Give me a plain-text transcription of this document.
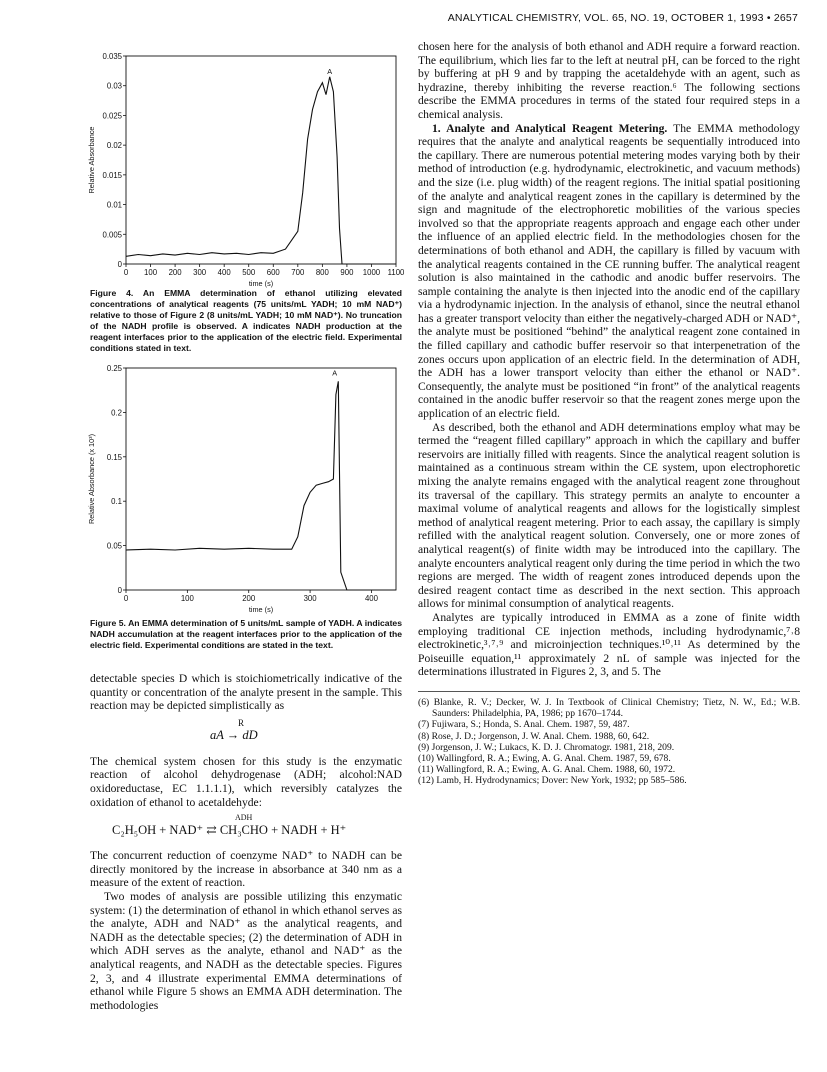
ANALYTICAL CHEMISTRY, VOL. 65, NO. 19, OCTOBER 1, 1993 • 2657
0 100 200 300 400 500 600 700 800 900 1000 1100
0
0.005
0.01
0.015
0.02
0.025
0.03
0.035
time (s)
Relative Absorbance
A
Figure 4. An EMMA determination of ethanol utilizing elevated concentrations of analytical reagents (75 units/mL YADH; 10 mM NAD⁺) relative to those of Figure 2 (8 units/mL YADH; 10 mM NAD⁺). No truncation of the NADH profile is observed. A indicates NADH production at the reagent interfaces prior to the application of the electric field. Experimental conditions stated in text.
0	100	200	300	400
0
0.05
0.1
0.15
0.2
0.25
time (s)
Relative Absorbance (x 10³)
A
Figure 5. An EMMA determination of 5 units/mL sample of YADH. A indicates NADH accumulation at the reagent interfaces prior to the application of the electric field. Experimental conditions are stated in the text.

detectable species D which is stoichiometrically indicative of the quantity or concentration of the analyte present in the sample. This reaction may be depicted simplistically as

R
aA → dD

The chemical system chosen for this study is the enzymatic reaction of alcohol dehydrogenase (ADH; alcohol:NAD oxidoreductase, EC 1.1.1.1), which reversibly catalyzes the oxidation of ethanol to acetaldehyde:

ADH
C₂H₅OH + NAD⁺ ⇄ CH₃CHO + NADH + H⁺

The concurrent reduction of coenzyme NAD⁺ to NADH can be directly monitored by the increase in absorbance at 340 nm as a measure of the extent of reaction.

Two modes of analysis are possible utilizing this enzymatic system: (1) the determination of ethanol in which ethanol serves as the analyte, ADH and NAD⁺ as the analytical reagents, and NADH as the detectable species; (2) the determination of ADH in which ADH serves as the analyte, ethanol and NAD⁺ as the analytical reagents, and NADH as the detectable species. Figures 2, 3, and 4 illustrate experimental EMMA determinations of ethanol while Figure 5 shows an EMMA ADH determination. The methodologies

chosen here for the analysis of both ethanol and ADH require a forward reaction. The equilibrium, which lies far to the left at neutral pH, can be forced to the right by buffering at pH 9 and by trapping the acetaldehyde with an agent, such as hydrazine, thereby inhibiting the reverse reaction.⁶ The following sections describe the EMMA procedures in terms of the stated four required steps in a chemical analysis.

1. Analyte and Analytical Reagent Metering. The EMMA methodology requires that the analyte and analytical reagents be sequentially introduced into the capillary. There are numerous potential metering modes varying both by their method of introduction (e.g. hydrodynamic, electrokinetic, and vacuum methods) and the size (i.e. plug width) of the reagent regions. The initial spatial positioning of the analyte and analytical reagent zones in the capillary is determined by the sign and magnitude of the electrophoretic mobilities of the various species involved so that the appropriate reagents approach and engage each other under the influence of an applied electric field. In the methodologies chosen for the determinations of both ethanol and ADH, the capillary is filled by vacuum with the analytical reagents contained in the CE running buffer. The analytical reagent solution is also maintained in the cathodic and anodic buffer reservoirs. The sample containing the analyte is then injected into the anodic end of the capillary via a hydrodynamic injection. In the analysis of ethanol, since the neutral ethanol has a greater transport velocity than either the negatively-charged ADH or NAD⁺, the analyte must be positioned “behind” the analytical reagent zone contained in the filled capillary and cathodic buffer reservoir so that interpenetration of the zones occurs upon application of an electric field. In the determination of ADH, the ADH has a lower transport velocity than either the ethanol or NAD⁺. Consequently, the analyte must be positioned “in front” of the analytical reagents contained in the anodic buffer reservoir so that the reagent zones merge upon the application of an electric field.

As described, both the ethanol and ADH determinations employ what may be termed the “reagent filled capillary” approach in which the capillary and buffer reservoirs are initially filled with reagents. Since the analytical reagent solution is maintained as a continuous stream within the CE system, upon electrophoretic mixing the analyte remains engaged with the analytical reagent zone throughout its traversal of the capillary. This strategy permits an analyte to encounter a maximal volume of analytical reagents and allows for the logistically simplest method of analytical reagent metering. Prior to each assay, the capillary is simply refilled with the analytical reagent solution. Conversely, one or more zones of analytical reagent(s) of finite width may be introduced into the capillary. The analyte encounters analytical reagent only during the time period in which the two regions are merged. The width of reagent zones introduced depends upon the desired reagent contact time as described in the next section. This approach allows for minimal consumption of analytical reagents.

Analytes are typically introduced in EMMA as a zone of finite width employing traditional CE injection methods, including hydrodynamic,⁷˒8 electrokinetic,³˒⁷˒⁹ and microinjection techniques.¹⁰˒¹¹ As determined by the Poiseuille equation,¹¹ approximately 2 nL of sample was injected for the determinations illustrated in Figures 2, 3, and 5. The

(6) Blanke, R. V.; Decker, W. J. In Textbook of Clinical Chemistry; Tietz, N. W., Ed.; W.B. Saunders: Philadelphia, PA, 1986; pp 1670–1744.
(7) Fujiwara, S.; Honda, S. Anal. Chem. 1987, 59, 487.
(8) Rose, J. D.; Jorgenson, J. W. Anal. Chem. 1988, 60, 642.
(9) Jorgenson, J. W.; Lukacs, K. D. J. Chromatogr. 1981, 218, 209.
(10) Wallingford, R. A.; Ewing, A. G. Anal. Chem. 1987, 59, 678.
(11) Wallingford, R. A.; Ewing, A. G. Anal. Chem. 1988, 60, 1972.
(12) Lamb, H. Hydrodynamics; Dover: New York, 1932; pp 585–586.
